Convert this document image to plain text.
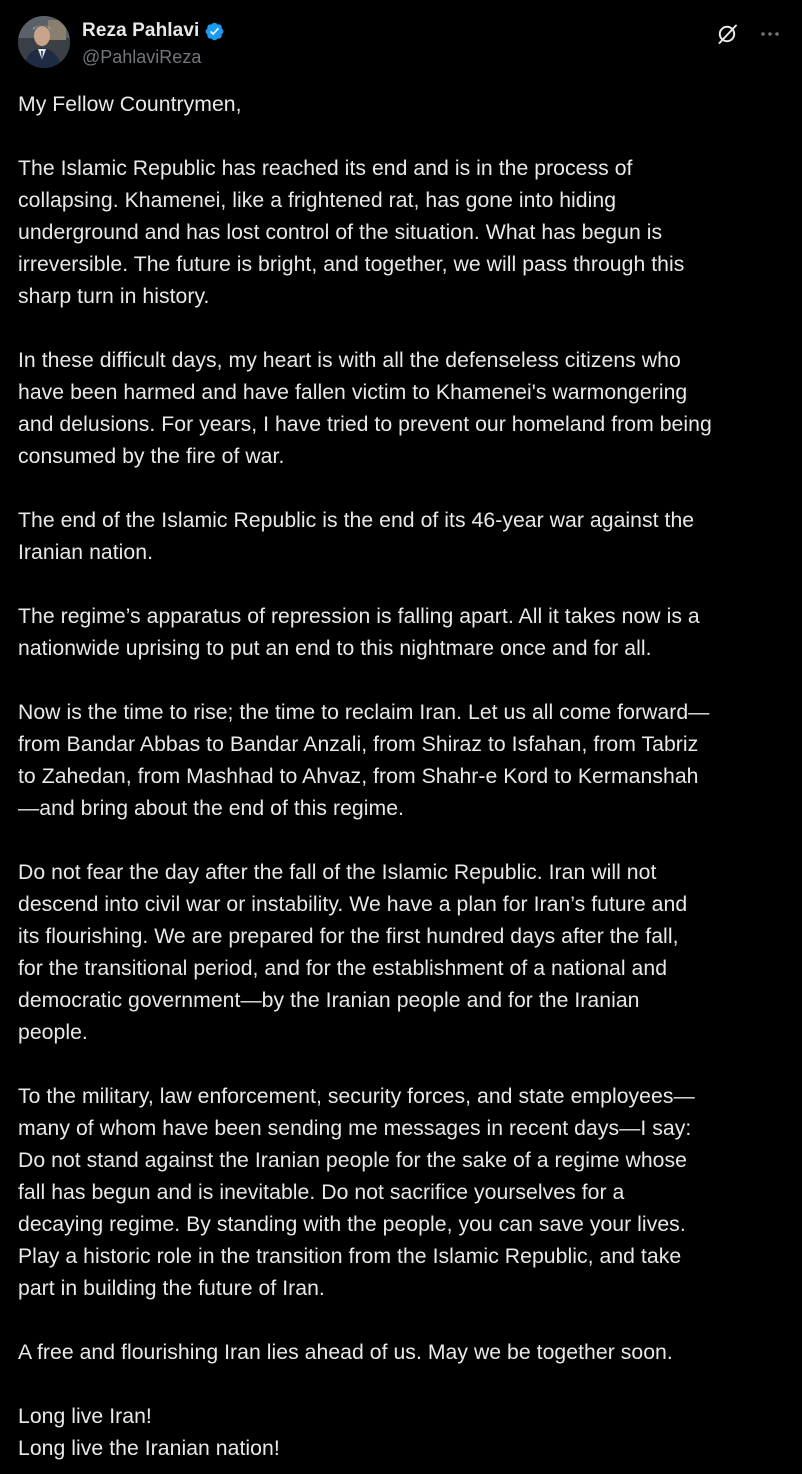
Reza Pahlavi
@PahlaviReza

My Fellow Countrymen,

The Islamic Republic has reached its end and is in the process of
collapsing. Khamenei, like a frightened rat, has gone into hiding
underground and has lost control of the situation. What has begun is
irreversible. The future is bright, and together, we will pass through this
sharp turn in history.

In these difficult days, my heart is with all the defenseless citizens who
have been harmed and have fallen victim to Khamenei's warmongering
and delusions. For years, I have tried to prevent our homeland from being
consumed by the fire of war.

The end of the Islamic Republic is the end of its 46-year war against the
Iranian nation.

The regime’s apparatus of repression is falling apart. All it takes now is a
nationwide uprising to put an end to this nightmare once and for all.

Now is the time to rise; the time to reclaim Iran. Let us all come forward—
from Bandar Abbas to Bandar Anzali, from Shiraz to Isfahan, from Tabriz
to Zahedan, from Mashhad to Ahvaz, from Shahr-e Kord to Kermanshah
—and bring about the end of this regime.

Do not fear the day after the fall of the Islamic Republic. Iran will not
descend into civil war or instability. We have a plan for Iran’s future and
its flourishing. We are prepared for the first hundred days after the fall,
for the transitional period, and for the establishment of a national and
democratic government—by the Iranian people and for the Iranian
people.

To the military, law enforcement, security forces, and state employees—
many of whom have been sending me messages in recent days—I say:
Do not stand against the Iranian people for the sake of a regime whose
fall has begun and is inevitable. Do not sacrifice yourselves for a
decaying regime. By standing with the people, you can save your lives.
Play a historic role in the transition from the Islamic Republic, and take
part in building the future of Iran.

A free and flourishing Iran lies ahead of us. May we be together soon.

Long live Iran!
Long live the Iranian nation!
